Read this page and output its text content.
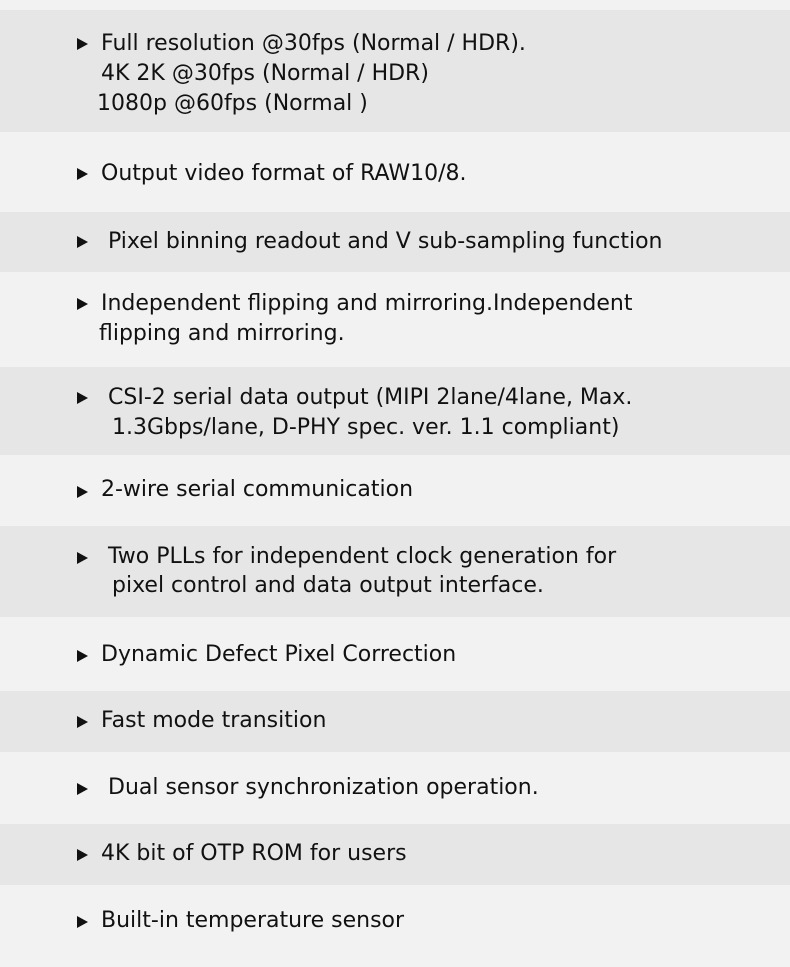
Full resolution @30fps (Normal / HDR).
4K 2K @30fps (Normal / HDR)
1080p @60fps (Normal )
Output video format of RAW10/8.
Pixel binning readout and V sub-sampling function
Independent flipping and mirroring.Independent
flipping and mirroring.
CSI-2 serial data output (MIPI 2lane/4lane, Max.
1.3Gbps/lane, D-PHY spec. ver. 1.1 compliant)
2-wire serial communication
Two PLLs for independent clock generation for
pixel control and data output interface.
Dynamic Defect Pixel Correction
Fast mode transition
Dual sensor synchronization operation.
4K bit of OTP ROM for users
Built-in temperature sensor
